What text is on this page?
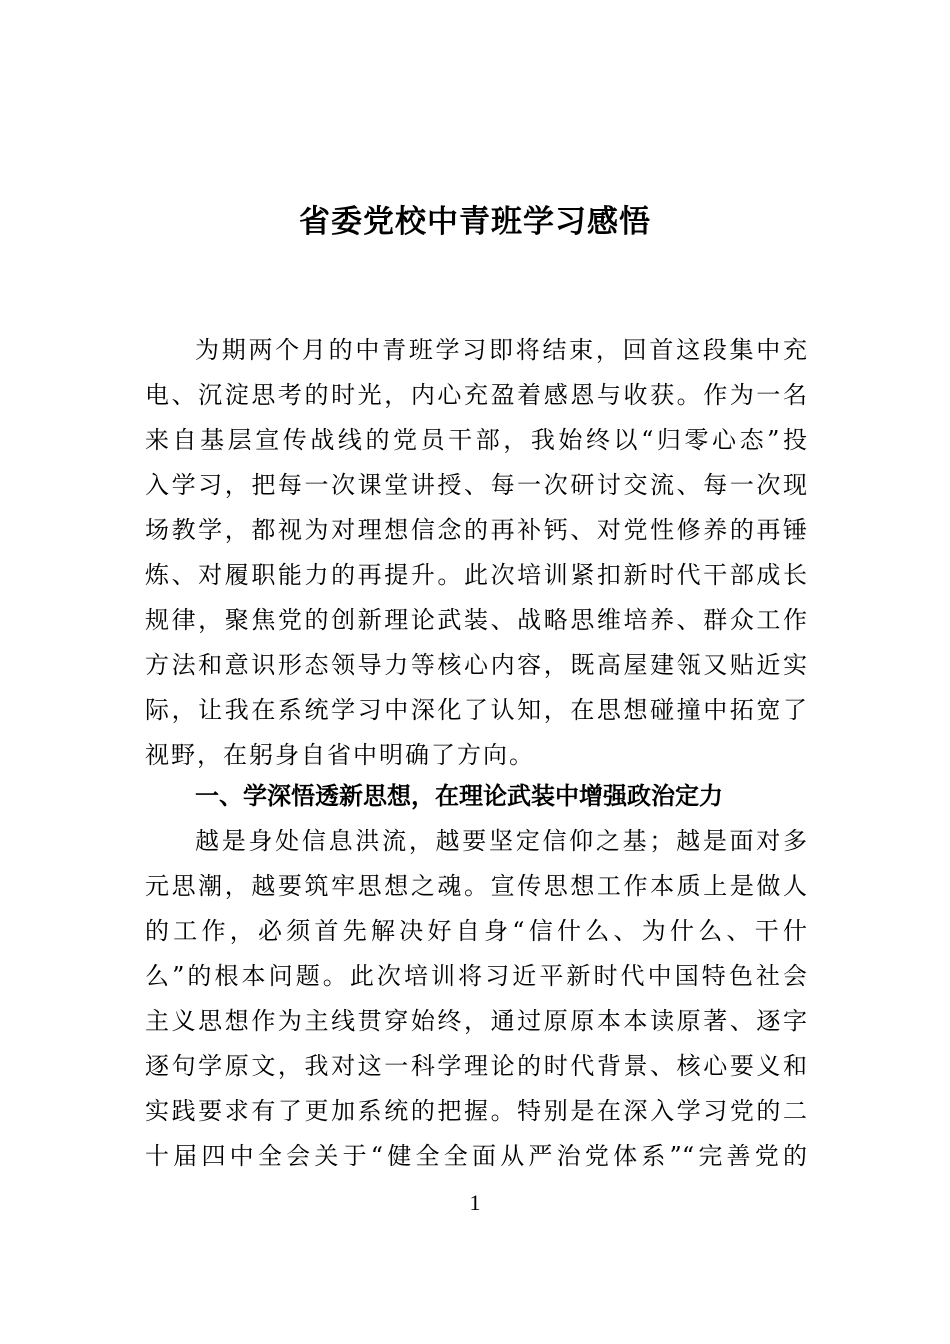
省委党校中青班学习感悟
为期两个月的中青班学习即将结束，回首这段集中充
电、沉淀思考的时光，内心充盈着感恩与收获。作为一名
来自基层宣传战线的党员干部，我始终以“归零心态”投
入学习，把每一次课堂讲授、每一次研讨交流、每一次现
场教学，都视为对理想信念的再补钙、对党性修养的再锤
炼、对履职能力的再提升。此次培训紧扣新时代干部成长
规律，聚焦党的创新理论武装、战略思维培养、群众工作
方法和意识形态领导力等核心内容，既高屋建瓴又贴近实
际，让我在系统学习中深化了认知，在思想碰撞中拓宽了
视野，在躬身自省中明确了方向。
一、学深悟透新思想，在理论武装中增强政治定力
越是身处信息洪流，越要坚定信仰之基；越是面对多
元思潮，越要筑牢思想之魂。宣传思想工作本质上是做人
的工作，必须首先解决好自身“信什么、为什么、干什
么”的根本问题。此次培训将习近平新时代中国特色社会
主义思想作为主线贯穿始终，通过原原本本读原著、逐字
逐句学原文，我对这一科学理论的时代背景、核心要义和
实践要求有了更加系统的把握。特别是在深入学习党的二
十届四中全会关于“健全全面从严治党体系”“完善党的
1
